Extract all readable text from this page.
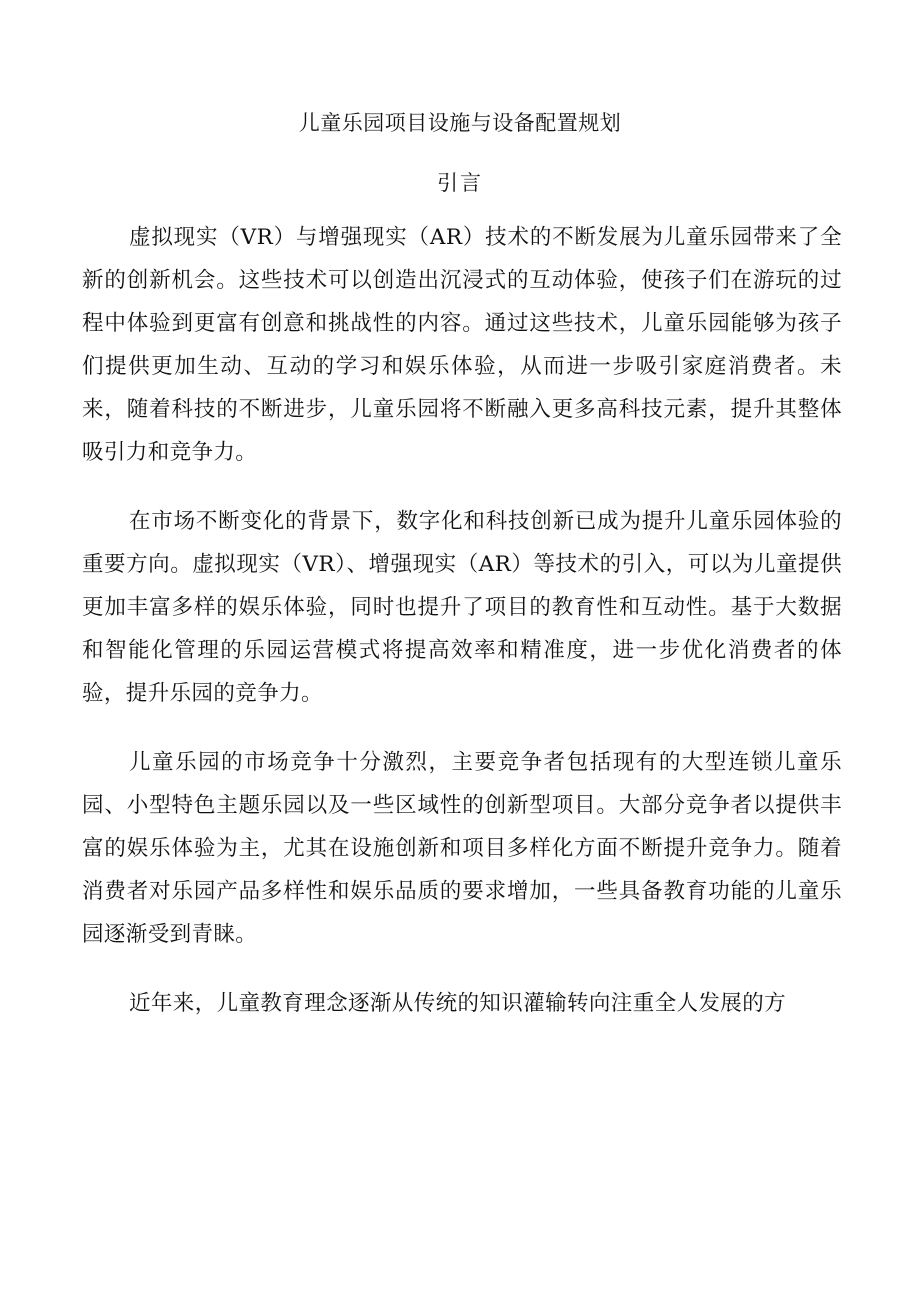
儿童乐园项目设施与设备配置规划
引言

虚拟现实（VR）与增强现实（AR）技术的不断发展为儿童乐园带来了全新的创新机会。这些技术可以创造出沉浸式的互动体验，使孩子们在游玩的过程中体验到更富有创意和挑战性的内容。通过这些技术，儿童乐园能够为孩子们提供更加生动、互动的学习和娱乐体验，从而进一步吸引家庭消费者。未来，随着科技的不断进步，儿童乐园将不断融入更多高科技元素，提升其整体吸引力和竞争力。

在市场不断变化的背景下，数字化和科技创新已成为提升儿童乐园体验的重要方向。虚拟现实（VR）、增强现实（AR）等技术的引入，可以为儿童提供更加丰富多样的娱乐体验，同时也提升了项目的教育性和互动性。基于大数据和智能化管理的乐园运营模式将提高效率和精准度，进一步优化消费者的体验，提升乐园的竞争力。

儿童乐园的市场竞争十分激烈，主要竞争者包括现有的大型连锁儿童乐园、小型特色主题乐园以及一些区域性的创新型项目。大部分竞争者以提供丰富的娱乐体验为主，尤其在设施创新和项目多样化方面不断提升竞争力。随着消费者对乐园产品多样性和娱乐品质的要求增加，一些具备教育功能的儿童乐园逐渐受到青睐。

近年来，儿童教育理念逐渐从传统的知识灌输转向注重全人发展的方
